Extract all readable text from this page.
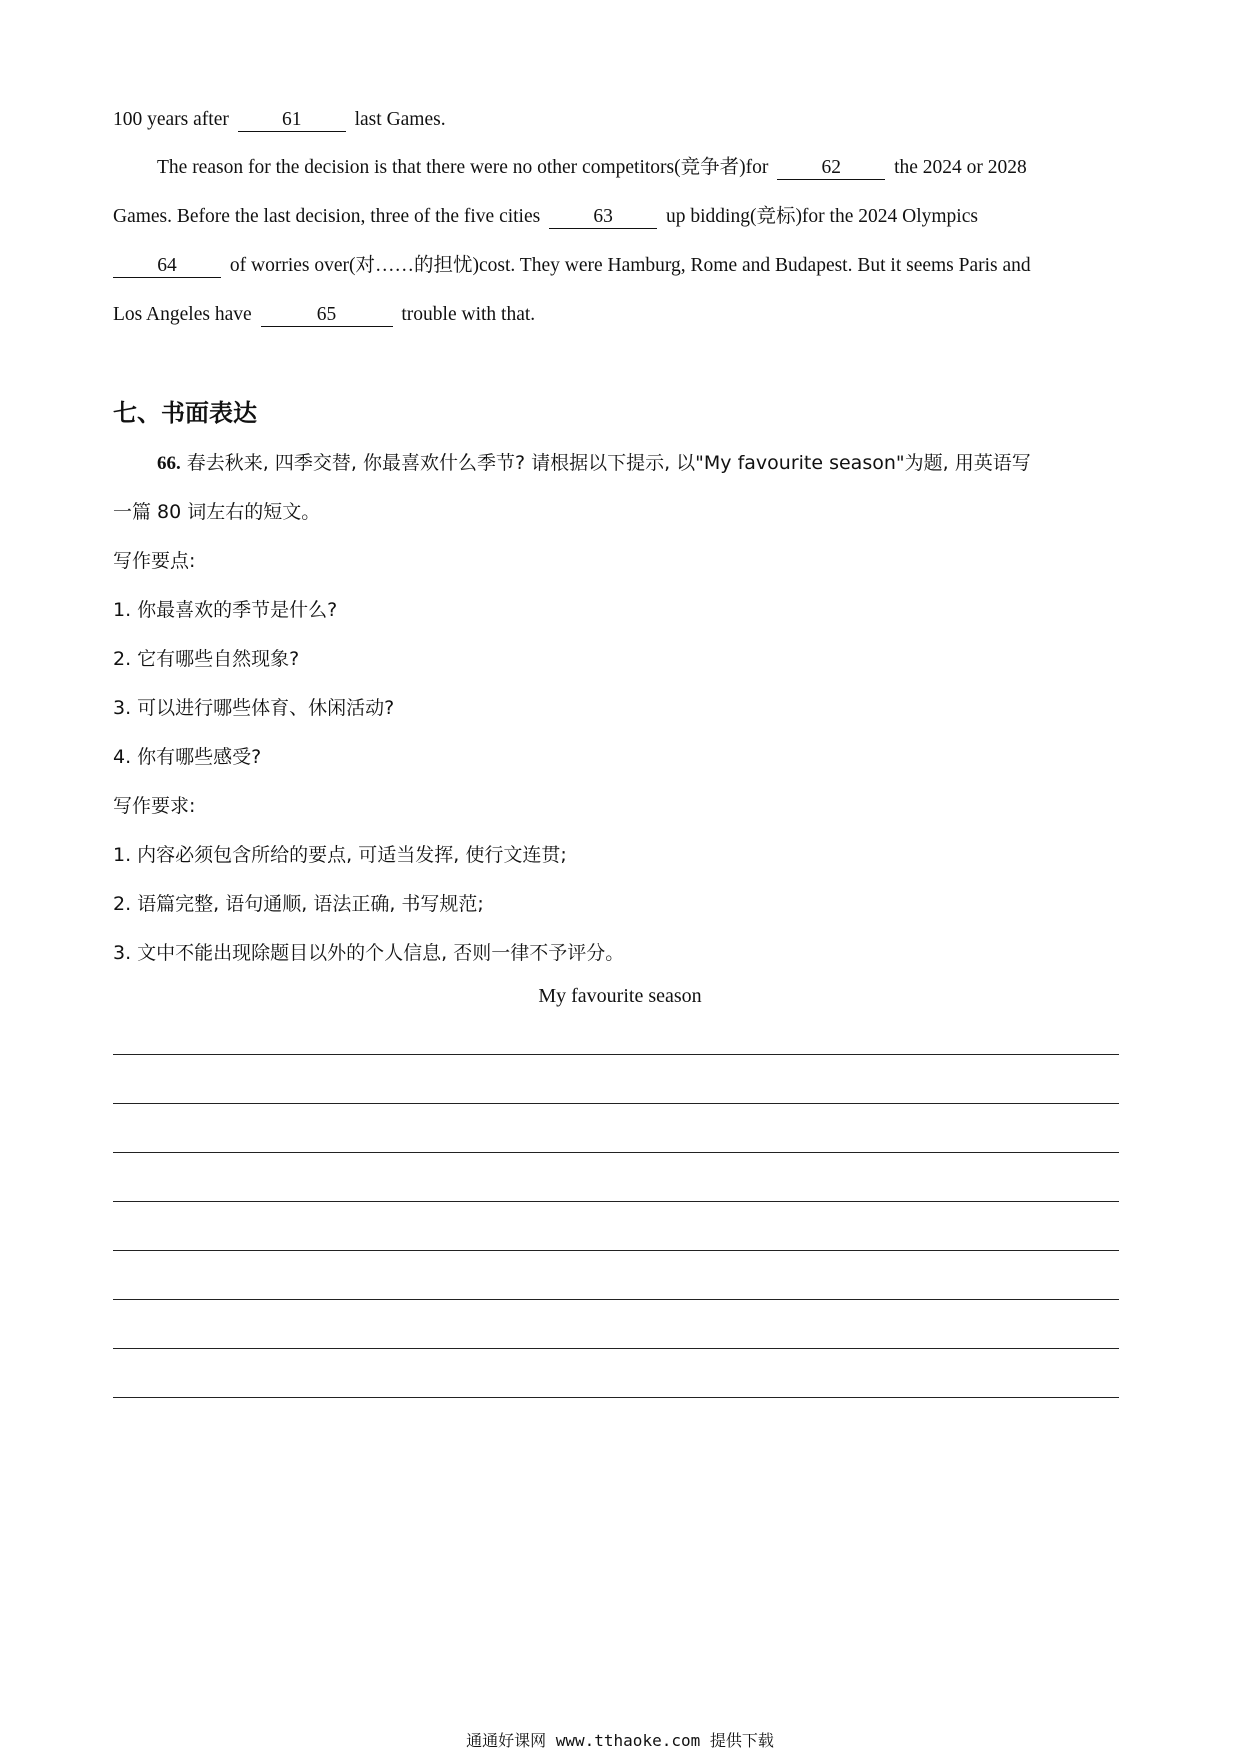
100 years after	61	last Games.
The reason for the decision is that there were no other competitors(竞争者)for	62	the 2024 or 2028
Games. Before the last decision, three of the five cities	63	up bidding(竞标)for the 2024 Olympics
64	of worries over(对……的担忧)cost. They were Hamburg, Rome and Budapest. But it seems Paris and
Los Angeles have	65	trouble with that.
七、书面表达
66. 春去秋来, 四季交替, 你最喜欢什么季节? 请根据以下提示, 以"My favourite season"为题, 用英语写
一篇 80 词左右的短文。
写作要点:
1. 你最喜欢的季节是什么?
2. 它有哪些自然现象?
3. 可以进行哪些体育、休闲活动?
4. 你有哪些感受?
写作要求:
1. 内容必须包含所给的要点, 可适当发挥, 使行文连贯;
2. 语篇完整, 语句通顺, 语法正确, 书写规范;
3. 文中不能出现除题目以外的个人信息, 否则一律不予评分。
My favourite season
通通好课网 www.tthaoke.com 提供下载
